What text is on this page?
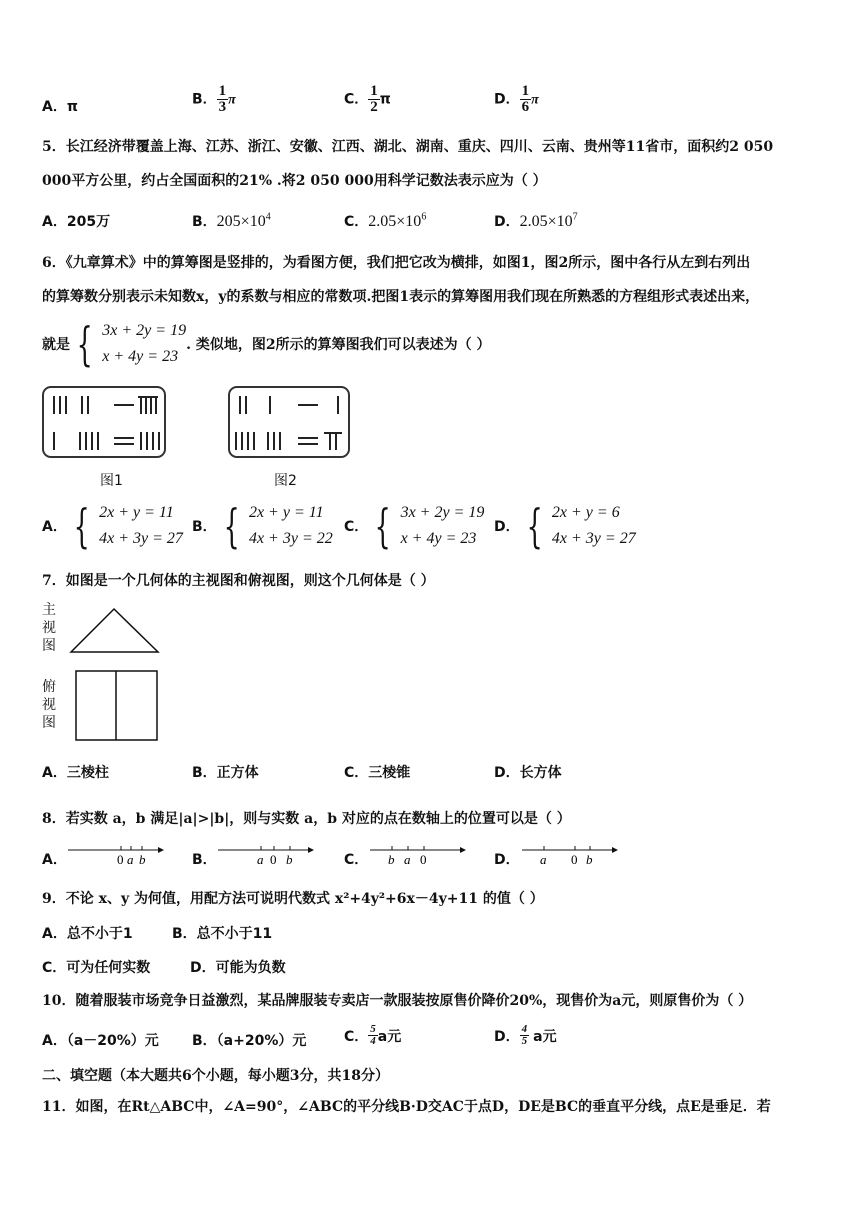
A．π	B． $\frac{1}{3}$ π	C． $\frac{1}{2}$ π	D． $\frac{1}{6}$ π
5．长江经济带覆盖上海、江苏、浙江、安徽、江西、湖北、湖南、重庆、四川、云南、贵州等11省市，面积约2 050
000平方公里，约占全国面积的21% .将2 050 000用科学记数法表示应为（ ）
A．205万	B．$205\times 10^4$	C．$2.05\times 10^6$	D．$2.05\times 10^7$
6．《九章算术》中的算筹图是竖排的，为看图方便，我们把它改为横排，如图1，图2所示，图中各行从左到右列出
的算筹数分别表示未知数x，y的系数与相应的常数项.把图1表示的算筹图用我们现在所熟悉的方程组形式表述出来，
就是 { 3x + 2y = 19
x + 4y = 23
. 类似地，图2所示的算筹图我们可以表述为（ ）
图1	图2
A． { 2x + y = 11
4x + 3y = 27
B． { 2x + y = 11
4x + 3y = 22
C． { 3x + 2y = 19
x + 4y = 23
D． { 2x + y = 6
4x + 3y = 27
7．如图是一个几何体的主视图和俯视图，则这个几何体是（ ）
主
视
图
俯
视
图
A．三棱柱	B．正方体	C．三棱锥	D．长方体
8．若实数 a，b 满足|a|>|b|，则与实数 a，b 对应的点在数轴上的位置可以是（ ）
A．	0 a b	B．	a 0 b	C． b a 0	D． a 0 b
9．不论 x、y 为何值，用配方法可说明代数式 x²+4y²+6x－4y+11 的值（ ）
A．总不小于1	B．总不小于11
C．可为任何实数	D．可能为负数
10．随着服装市场竞争日益激烈，某品牌服装专卖店一款服装按原售价降价20%，现售价为a元，则原售价为（ ）
A．（a－20%）元 B．（a+20%）元	C． $\frac{5}{4}$ a元	D． $\frac{4}{5}$ a元
二、填空题（本大题共6个小题，每小题3分，共18分）
11．如图，在Rt△ABC中，∠A=90°，∠ABC的平分线B·D交AC于点D，DE是BC的垂直平分线，点E是垂足．若
